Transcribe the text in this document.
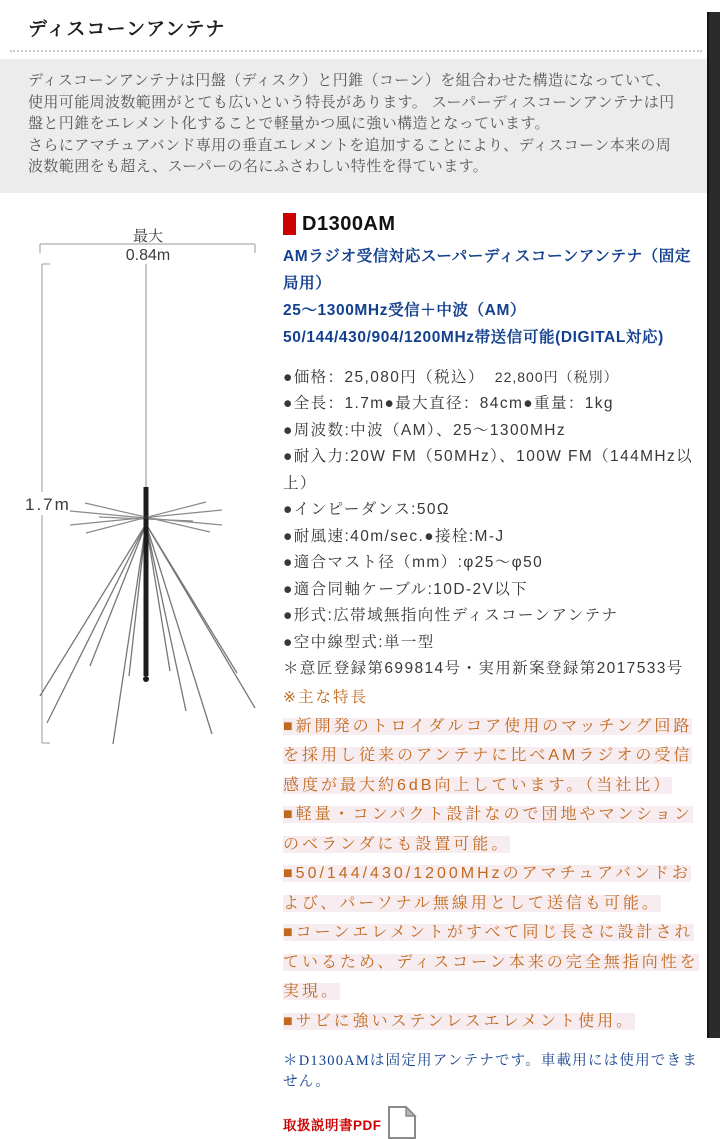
ディスコーンアンテナ

ディスコーンアンテナは円盤（ディスク）と円錐（コーン）を組合わせた構造になっていて、使用可能周波数範囲がとても広いという特長があります。 スーパーディスコーンアンテナは円盤と円錐をエレメント化することで軽量かつ風に強い構造となっています。

さらにアマチュアバンド専用の垂直エレメントを追加することにより、ディスコーン本来の周波数範囲をも超え、スーパーの名にふさわしい特性を得ています。

最大
0.84m
1.7m
D1300AM

AMラジオ受信対応スーパーディスコーンアンテナ（固定局用）

25〜1300MHz受信＋中波（AM）

50/144/430/904/1200MHz帯送信可能(DIGITAL対応)

●価格：25,080円（税込） 22,800円（税別）

●全長：1.7m●最大直径：84cm●重量：1kg

●周波数:中波（AM）、25〜1300MHz

●耐入力:20W FM（50MHz）、100W FM（144MHz以上）

●インピーダンス:50Ω

●耐風速:40m/sec.●接栓:M-J

●適合マスト径（mm）:φ25〜φ50

●適合同軸ケーブル:10D-2V以下

●形式:広帯域無指向性ディスコーンアンテナ

●空中線型式:単一型

＊意匠登録第699814号・実用新案登録第2017533号

※主な特長

■新開発のトロイダルコア使用のマッチング回路を採用し従来のアンテナに比べAMラジオの受信感度が最大約6dB向上しています。（当社比）

■軽量・コンパクト設計なので団地やマンションのベランダにも設置可能。

■50/144/430/1200MHzのアマチュアバンドおよび、パーソナル無線用として送信も可能。

■コーンエレメントがすべて同じ長さに設計されているため、ディスコーン本来の完全無指向性を実現。

■サビに強いステンレスエレメント使用。

＊D1300AMは固定用アンテナです。車載用には使用できません。

取扱説明書PDF
